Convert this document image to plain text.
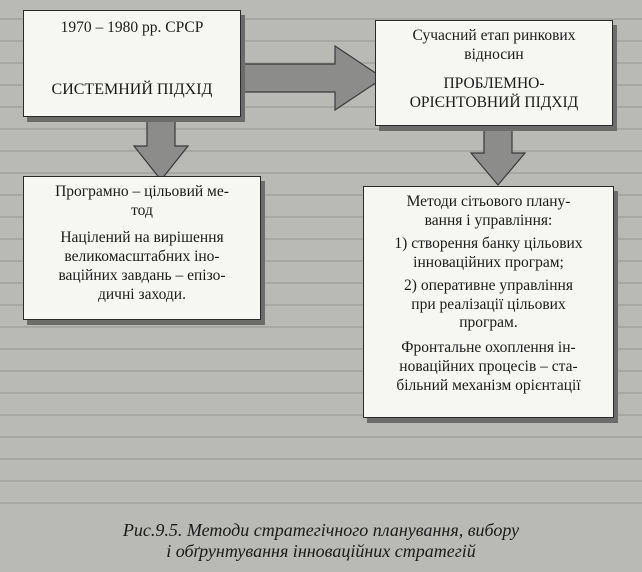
1970 – 1980 рр. СРСР

СИСТЕМНИЙ ПІДХІД

Сучасний етап ринкових

відносин

ПРОБЛЕМНО-

ОРІЄНТОВНИЙ ПІДХІД

Програмно – цільовий ме-

тод

Націлений на вирішення

великомасштабних іно-

ваційних завдань – епізо-

дичні заходи.

Методи сітьового плану-

вання і управління:

1) створення банку цільових

інноваційних програм;

2) оперативне управління

при реалізації цільових

програм.

Фронтальне охоплення ін-

новаційних процесів – ста-

більний механізм орієнтації

Рис.9.5. Методи стратегічного планування, вибору
і обґрунтування інноваційних стратегій
